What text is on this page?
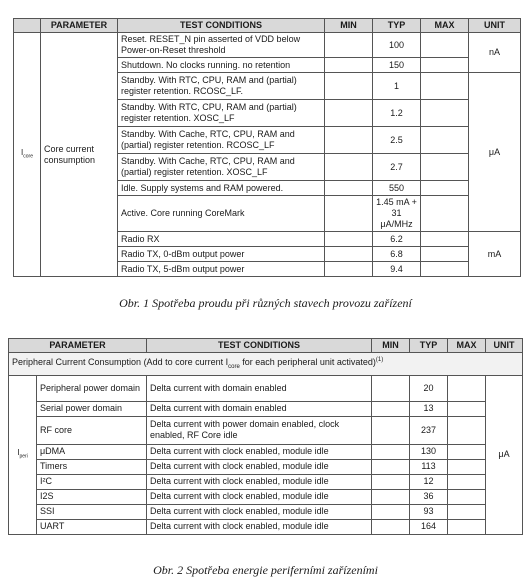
	PARAMETER	TEST CONDITIONS	MIN	TYP	MAX	UNIT
$I_{core}$	Core current consumption	Reset. RESET_N pin asserted of VDD below Power-on-Reset threshold		100		nA
		Shutdown. No clocks running. no retention		150		
		Standby. With RTC, CPU, RAM and (partial) register retention. RCOSC_LF.		1		μA
		Standby. With RTC, CPU, RAM and (partial) register retention. XOSC_LF		1.2		
		Standby. With Cache, RTC, CPU, RAM and (partial) register retention. RCOSC_LF		2.5		
		Standby. With Cache, RTC, CPU, RAM and (partial) register retention. XOSC_LF		2.7		
		Idle. Supply systems and RAM powered.		550		
		Active. Core running CoreMark		1.45 mA + 31 μA/MHz		
		Radio RX		6.2		mA
		Radio TX, 0-dBm output power		6.8		
		Radio TX, 5-dBm output power		9.4		
Obr. 1 Spotřeba proudu při různých stavech provozu zařízení
PARAMETER		TEST CONDITIONS	MIN	TYP	MAX	UNIT
Peripheral Current Consumption (Add to core current $I_{core}$ for each peripheral unit activated)$^{(1)}$
$I_{peri}$	Peripheral power domain	Delta current with domain enabled		20		μA
	Serial power domain	Delta current with domain enabled		13		
	RF core	Delta current with power domain enabled, clock enabled, RF Core idle		237		
	μDMA	Delta current with clock enabled, module idle		130		
	Timers	Delta current with clock enabled, module idle		113		
	I²C	Delta current with clock enabled, module idle		12		
	I2S	Delta current with clock enabled, module idle		36		
	SSI	Delta current with clock enabled, module idle		93		
	UART	Delta current with clock enabled, module idle		164		
Obr. 2 Spotřeba energie periferními zařízeními
